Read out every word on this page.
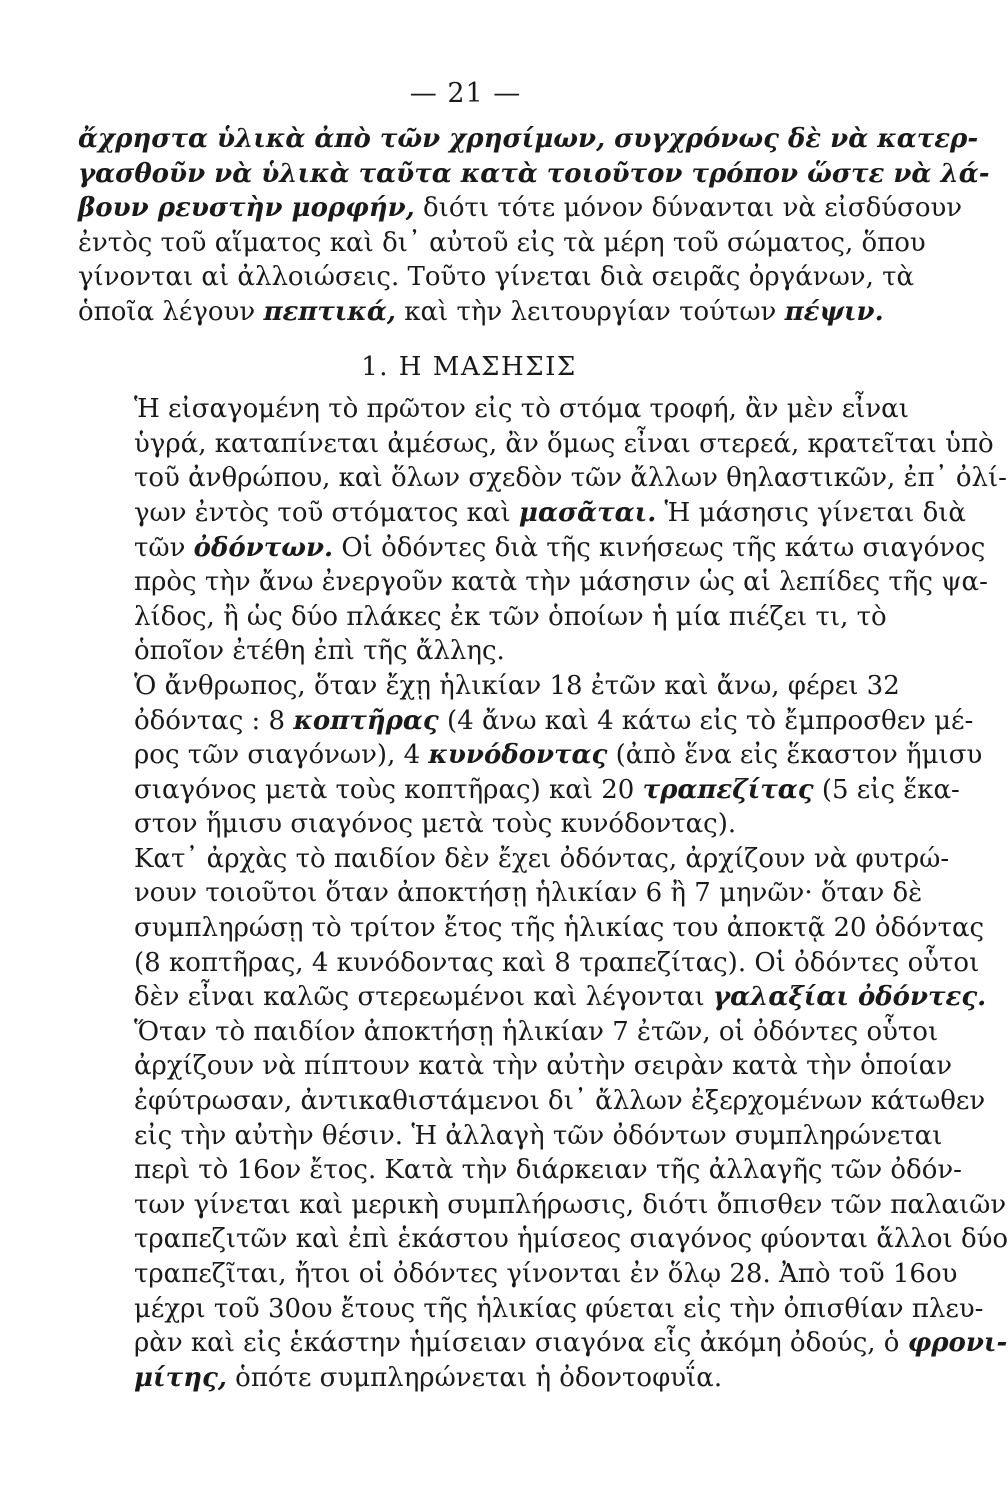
— 21 —

ἄχρηστα ὑλικὰ ἀπὸ τῶν χρησίμων, συγχρόνως δὲ νὰ κατερ-
γασθοῦν νὰ ὑλικὰ ταῦτα κατὰ τοιοῦτον τρόπον ὥστε νὰ λά-
βουν ρευστὴν μορφήν, διότι τότε μόνον δύνανται νὰ εἰσδύσουν
ἐντὸς τοῦ αἵματος καὶ δι᾿ αὐτοῦ εἰς τὰ μέρη τοῦ σώματος, ὅπου
γίνονται αἱ ἀλλοιώσεις. Τοῦτο γίνεται διὰ σειρᾶς ὀργάνων, τὰ
ὁποῖα λέγουν πεπτικά, καὶ τὴν λειτουργίαν τούτων πέψιν.

1. Η ΜΑΣΗΣΙΣ

Ἡ εἰσαγομένη τὸ πρῶτον εἰς τὸ στόμα τροφή, ἂν μὲν εἶναι
ὑγρά, καταπίνεται ἀμέσως, ἂν ὅμως εἶναι στερεά, κρατεῖται ὑπὸ
τοῦ ἀνθρώπου, καὶ ὅλων σχεδὸν τῶν ἄλλων θηλαστικῶν, ἐπ᾿ ὀλί-
γων ἐντὸς τοῦ στόματος καὶ μασᾶται. Ἡ μάσησις γίνεται διὰ
τῶν ὀδόντων. Οἱ ὀδόντες διὰ τῆς κινήσεως τῆς κάτω σιαγόνος
πρὸς τὴν ἄνω ἐνεργοῦν κατὰ τὴν μάσησιν ὡς αἱ λεπίδες τῆς ψα-
λίδος, ἢ ὡς δύο πλάκες ἐκ τῶν ὁποίων ἡ μία πιέζει τι, τὸ
ὁποῖον ἐτέθη ἐπὶ τῆς ἄλλης.

Ὁ ἄνθρωπος, ὅταν ἔχῃ ἡλικίαν 18 ἐτῶν καὶ ἄνω, φέρει 32
ὀδόντας : 8 κοπτῆρας (4 ἄνω καὶ 4 κάτω εἰς τὸ ἔμπροσθεν μέ-
ρος τῶν σιαγόνων), 4 κυνόδοντας (ἀπὸ ἕνα εἰς ἕκαστον ἥμισυ
σιαγόνος μετὰ τοὺς κοπτῆρας) καὶ 20 τραπεζίτας (5 εἰς ἕκα-
στον ἥμισυ σιαγόνος μετὰ τοὺς κυνόδοντας).

Κατ᾿ ἀρχὰς τὸ παιδίον δὲν ἔχει ὀδόντας, ἀρχίζουν νὰ φυτρώ-
νουν τοιοῦτοι ὅταν ἀποκτήσῃ ἡλικίαν 6 ἢ 7 μηνῶν· ὅταν δὲ
συμπληρώσῃ τὸ τρίτον ἔτος τῆς ἡλικίας του ἀποκτᾷ 20 ὀδόντας
(8 κοπτῆρας, 4 κυνόδοντας καὶ 8 τραπεζίτας). Οἱ ὀδόντες οὗτοι
δὲν εἶναι καλῶς στερεωμένοι καὶ λέγονται γαλαξίαι ὀδόντες.
Ὅταν τὸ παιδίον ἀποκτήσῃ ἡλικίαν 7 ἐτῶν, οἱ ὀδόντες οὗτοι
ἀρχίζουν νὰ πίπτουν κατὰ τὴν αὐτὴν σειρὰν κατὰ τὴν ὁποίαν
ἐφύτρωσαν, ἀντικαθιστάμενοι δι᾿ ἄλλων ἐξερχομένων κάτωθεν
εἰς τὴν αὐτὴν θέσιν. Ἡ ἀλλαγὴ τῶν ὀδόντων συμπληρώνεται
περὶ τὸ 16ον ἔτος. Κατὰ τὴν διάρκειαν τῆς ἀλλαγῆς τῶν ὀδόν-
των γίνεται καὶ μερικὴ συμπλήρωσις, διότι ὄπισθεν τῶν παλαιῶν
τραπεζιτῶν καὶ ἐπὶ ἑκάστου ἡμίσεος σιαγόνος φύονται ἄλλοι δύο
τραπεζῖται, ἤτοι οἱ ὀδόντες γίνονται ἐν ὅλῳ 28. Ἀπὸ τοῦ 16ου
μέχρι τοῦ 30ου ἔτους τῆς ἡλικίας φύεται εἰς τὴν ὀπισθίαν πλευ-
ρὰν καὶ εἰς ἑκάστην ἡμίσειαν σιαγόνα εἷς ἀκόμη ὀδούς, ὁ φρονι-
μίτης, ὁπότε συμπληρώνεται ἡ ὀδοντοφυΐα.
